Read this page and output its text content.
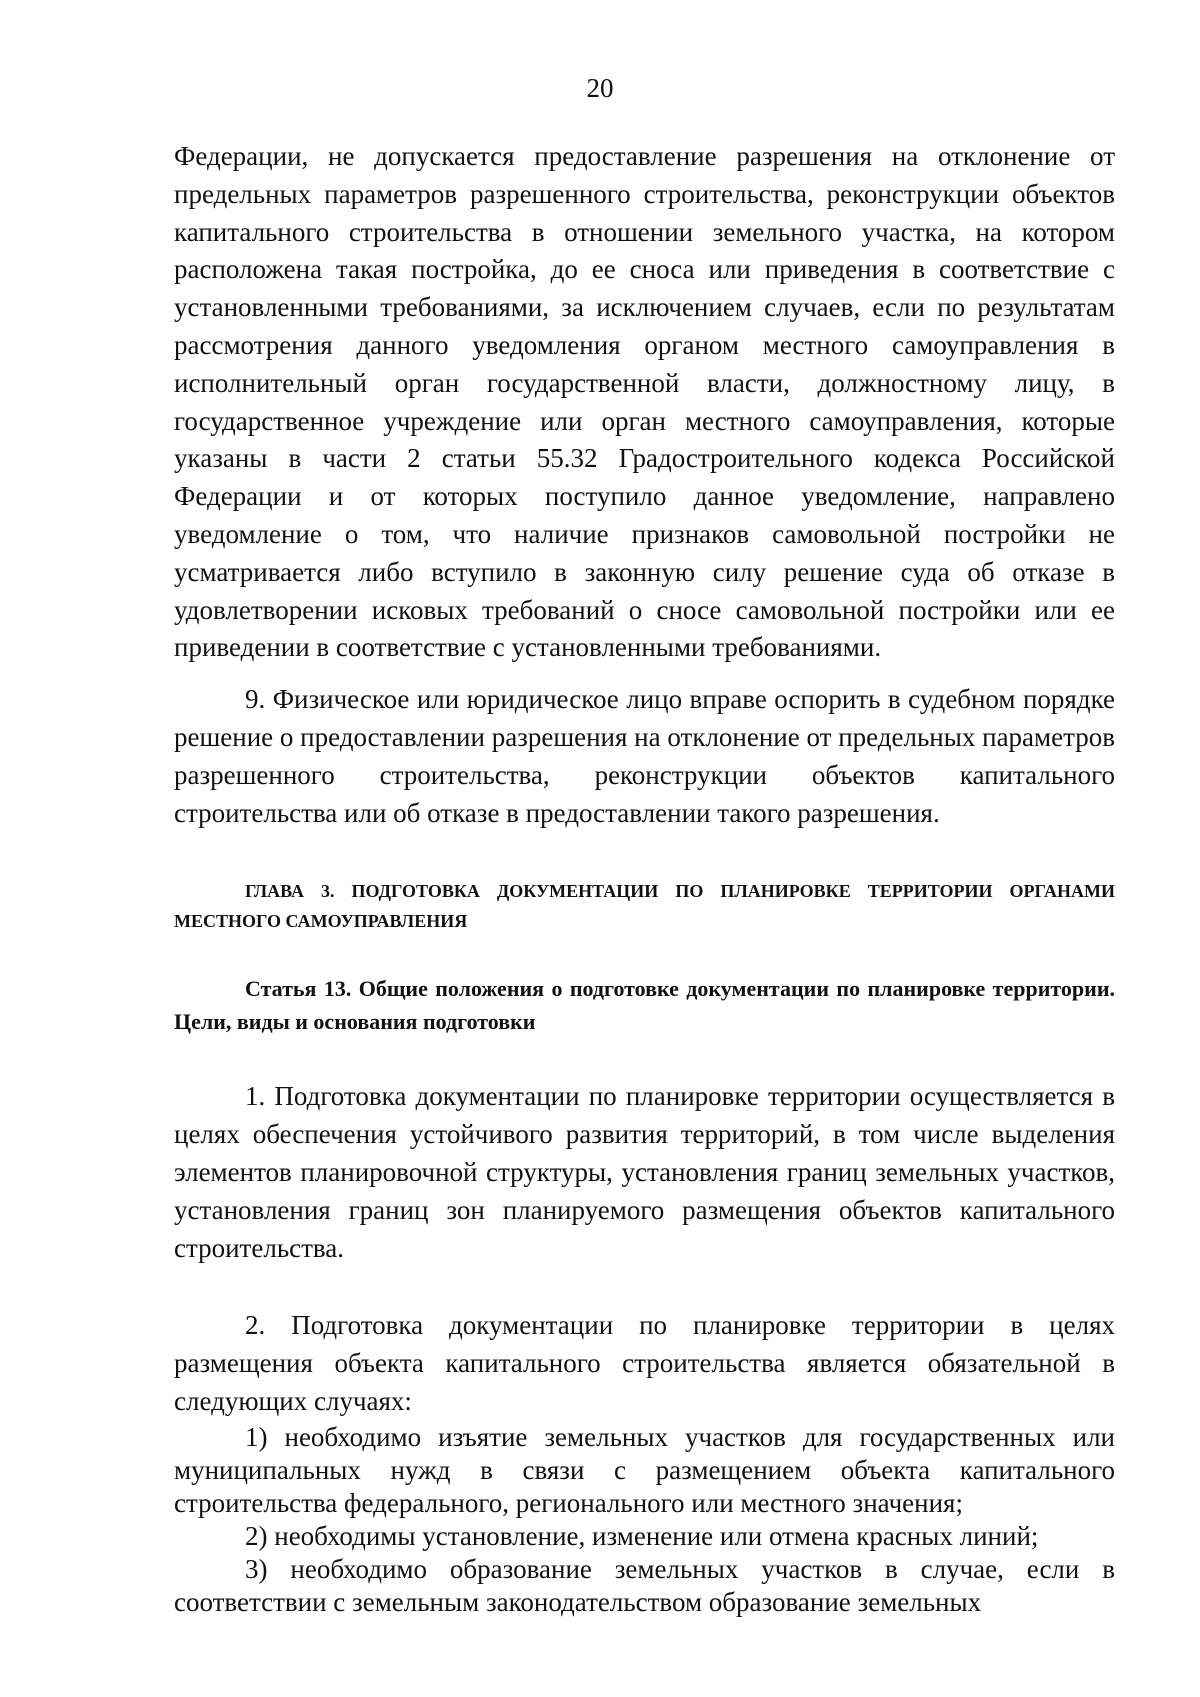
20

Федерации, не допускается предоставление разрешения на отклонение от предельных параметров разрешенного строительства, реконструкции объектов капитального строительства в отношении земельного участка, на котором расположена такая постройка, до ее сноса или приведения в соответствие с установленными требованиями, за исключением случаев, если по результатам рассмотрения данного уведомления органом местного самоуправления в исполнительный орган государственной власти, должностному лицу, в государственное учреждение или орган местного самоуправления, которые указаны в части 2 статьи 55.32 Градостроительного кодекса Российской Федерации и от которых поступило данное уведомление, направлено уведомление о том, что наличие признаков самовольной постройки не усматривается либо вступило в законную силу решение суда об отказе в удовлетворении исковых требований о сносе самовольной постройки или ее приведении в соответствие с установленными требованиями.

9. Физическое или юридическое лицо вправе оспорить в судебном порядке решение о предоставлении разрешения на отклонение от предельных параметров разрешенного строительства, реконструкции объектов капитального строительства или об отказе в предоставлении такого разрешения.

ГЛАВА 3. ПОДГОТОВКА ДОКУМЕНТАЦИИ ПО ПЛАНИРОВКЕ ТЕРРИТОРИИ ОРГАНАМИ МЕСТНОГО САМОУПРАВЛЕНИЯ
Статья 13. Общие положения о подготовке документации по планировке территории. Цели, виды и основания подготовки

1. Подготовка документации по планировке территории осуществляется в целях обеспечения устойчивого развития территорий, в том числе выделения элементов планировочной структуры, установления границ земельных участков, установления границ зон планируемого размещения объектов капитального строительства.

2. Подготовка документации по планировке территории в целях размещения объекта капитального строительства является обязательной в следующих случаях:

1) необходимо изъятие земельных участков для государственных или муниципальных нужд в связи с размещением объекта капитального строительства федерального, регионального или местного значения;
2) необходимы установление, изменение или отмена красных линий;
3) необходимо образование земельных участков в случае, если в соответствии с земельным законодательством образование земельных
